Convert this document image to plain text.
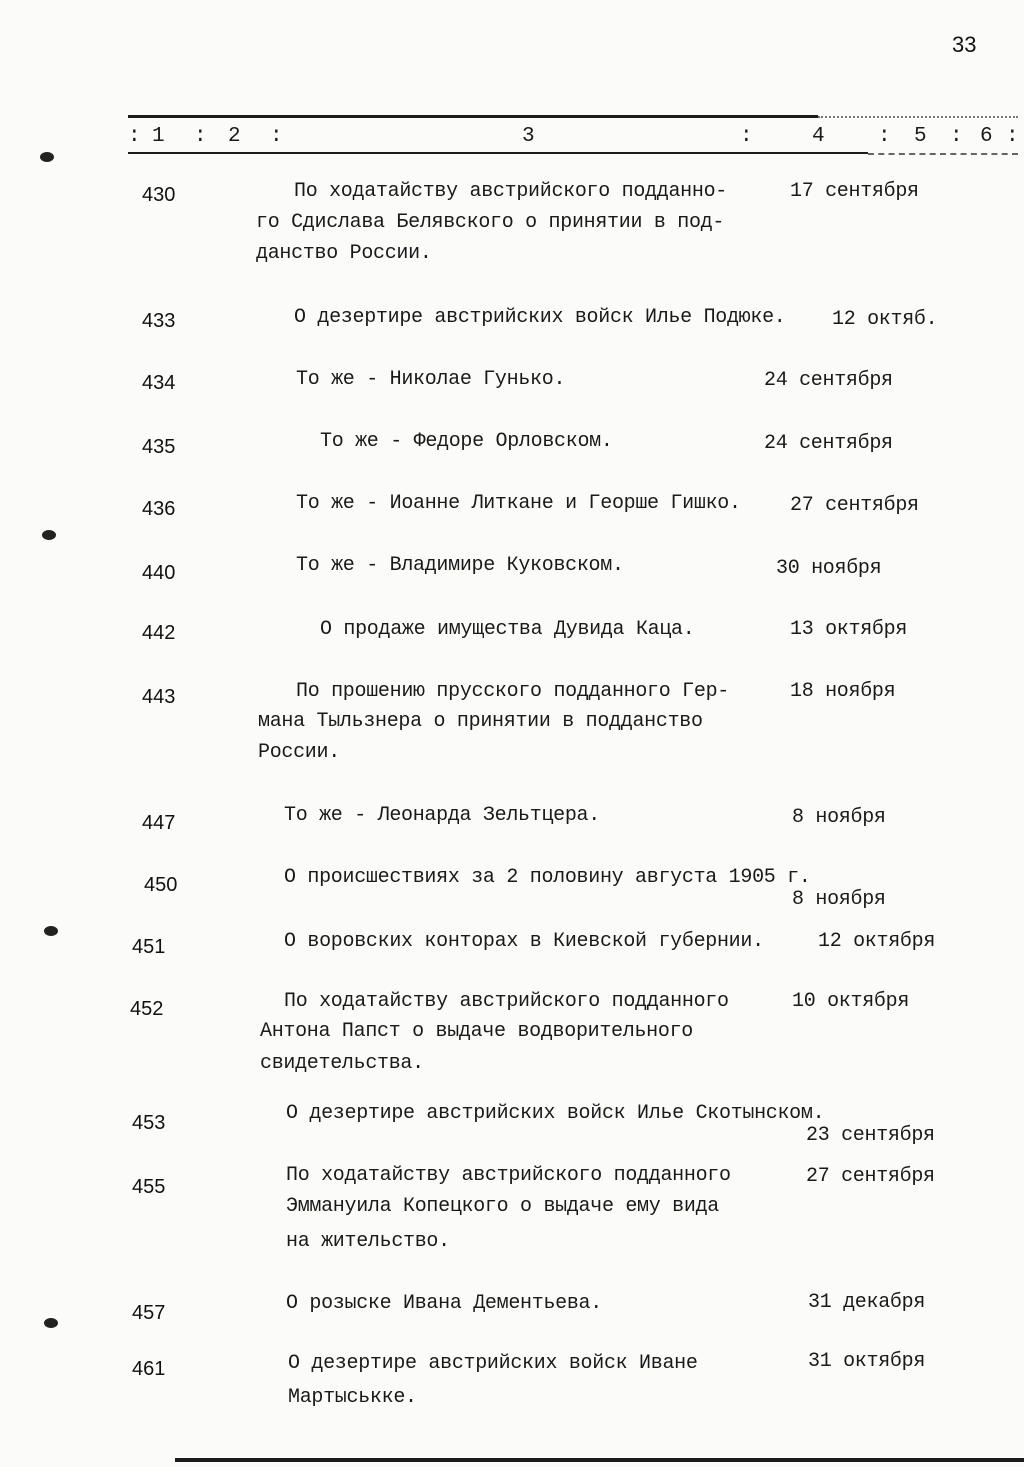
33
: 1 : 2 :	3	:	4	: 5 : 6 :
430	По ходатайству австрийского подданно-
го Сдислава Белявского о принятии в под-
данство России.
17 сентября
433	О дезертире австрийских войск Илье Подюке. 12 октяб.
434	То же - Николае Гунько.	24 сентября
435	То же - Федоре Орловском.	24 сентября
436	То же - Иоанне Литкане и Георше Гишко. 27 сентября
440	То же - Владимире Куковском.	30 ноября
442	О продаже имущества Дувида Каца.	13 октября
443	По прошению прусского подданного Гер-
мана Тыльзнера о принятии в подданство
России.
18 ноября
447	То же - Леонарда Зельтцера.	8 ноября
450	О происшествиях за 2 половину августа 1905 г.
8 ноября
451	О воровских конторах в Киевской губернии.	12 октября
452	По ходатайству австрийского подданного
Антона Папст о выдаче водворительного
свидетельства.
10 октября
453	О дезертире австрийских войск Илье Скотынском.
23 сентября
455	По ходатайству австрийского подданного
Эммануила Копецкого о выдаче ему вида
на жительство.
27 сентября
457	О розыске Ивана Дементьева.	31 декабря
461	О дезертире австрийских войск Иване
Мартыськке.
31 октября
